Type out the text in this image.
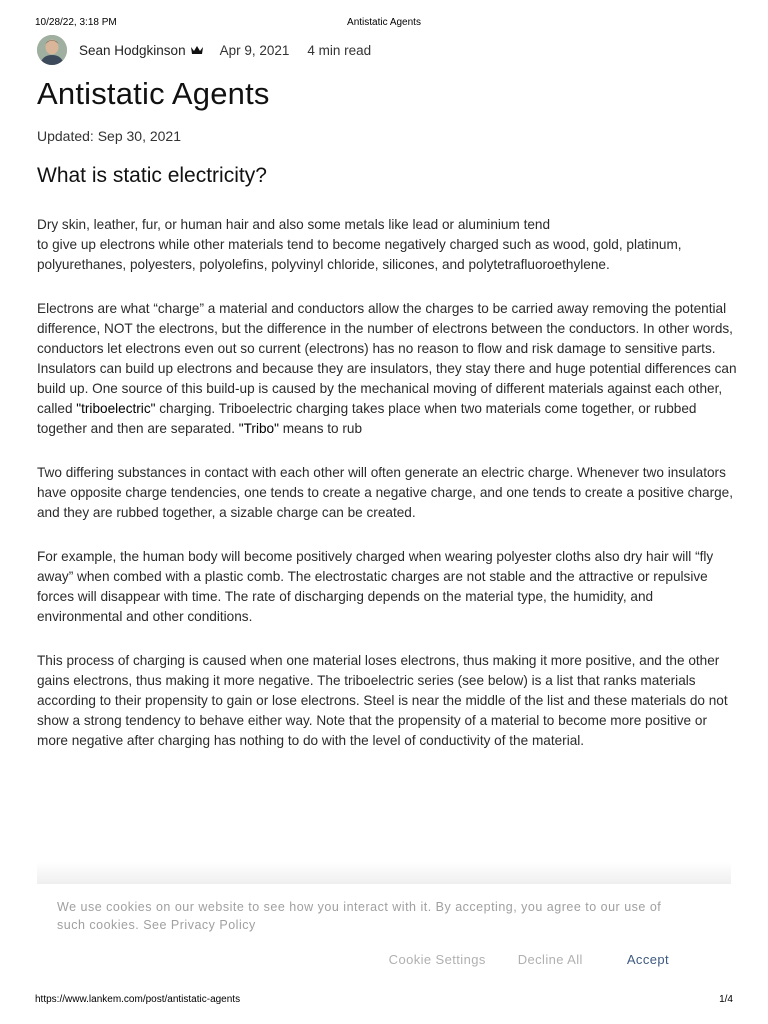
10/28/22, 3:18 PM	Antistatic Agents
Sean Hodgkinson	Apr 9, 2021 4 min read
Antistatic Agents
Updated: Sep 30, 2021
What is static electricity?

Dry skin, leather, fur, or human hair and also some metals like lead or aluminium tend
to give up electrons while other materials tend to become negatively charged such as wood, gold, platinum, polyurethanes, polyesters, polyolefins, polyvinyl chloride, silicones, and polytetrafluoroethylene.

Electrons are what “charge” a material and conductors allow the charges to be carried away removing the potential difference, NOT the electrons, but the difference in the number of electrons between the conductors. In other words, conductors let electrons even out so current (electrons) has no reason to flow and risk damage to sensitive parts. Insulators can build up electrons and because they are insulators, they stay there and huge potential differences can build up. One source of this build-up is caused by the mechanical moving of different materials against each other, called "triboelectric" charging. Triboelectric charging takes place when two materials come together, or rubbed together and then are separated. "Tribo" means to rub

Two differing substances in contact with each other will often generate an electric charge. Whenever two insulators have opposite charge tendencies, one tends to create a negative charge, and one tends to create a positive charge, and they are rubbed together, a sizable charge can be created.

For example, the human body will become positively charged when wearing polyester cloths also dry hair will “fly away” when combed with a plastic comb. The electrostatic charges are not stable and the attractive or repulsive forces will disappear with time. The rate of discharging depends on the material type, the humidity, and environmental and other conditions.

This process of charging is caused when one material loses electrons, thus making it more positive, and the other gains electrons, thus making it more negative. The triboelectric series (see below) is a list that ranks materials according to their propensity to gain or lose electrons. Steel is near the middle of the list and these materials do not show a strong tendency to behave either way. Note that the propensity of a material to become more positive or more negative after charging has nothing to do with the level of conductivity of the material.

We use cookies on our website to see how you interact with it. By accepting, you agree to our use of such cookies. See Privacy Policy
Cookie Settings Decline All	Accept
https://www.lankem.com/post/antistatic-agents	1/4
